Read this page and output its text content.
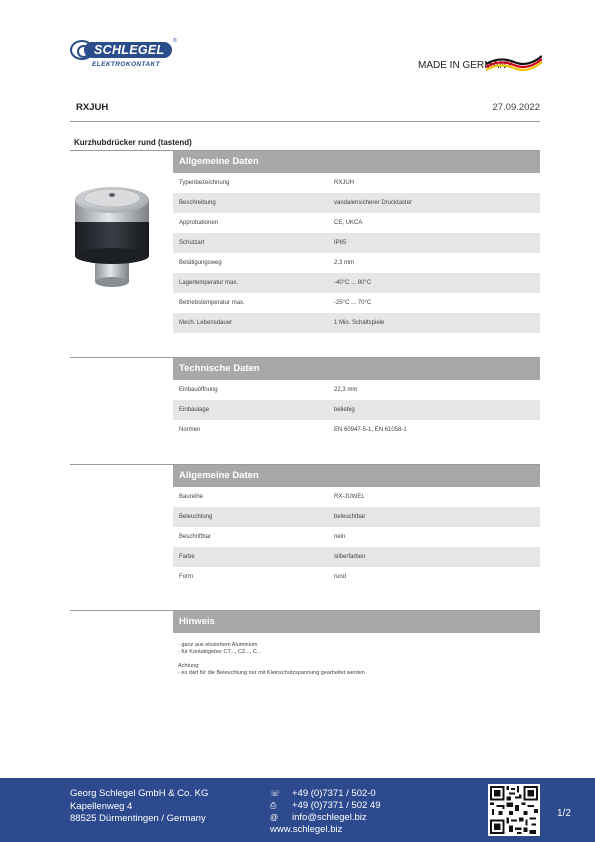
SCHLEGEL
ELEKTROKONTAKT
®
MADE IN GERMANY
RXJUH	27.09.2022
Kurzhubdrücker rund (tastend)
Allgemeine Daten
Typenbezeichnung	RXJUH
Beschreibung	vandalensicherer Drucktaster
Approbationen	CE, UKCA
Schutzart	IP65
Betätigungsweg	2,3 mm
Lagertemperatur max.	-40°C ... 80°C
Betriebstemperatur max.	-25°C ... 70°C
Mech. Lebensdauer	1 Mio. Schaltspiele
Technische Daten
Einbauöffnung	22,3 mm
Einbaulage	beliebig
Normen	EN 60947-5-1, EN 61058-1
Allgemeine Daten
Baureihe	RX-JUWEL
Beleuchtung	beleuchtbar
Beschriftbar	nein
Farbe	silberfarben
Form	rund
Hinweis

- ganz aus eloxiertem Aluminium

- für Kontaktgeber CT..., CZ..., C...

Achtung:

- es darf für die Beleuchtung nur mit Kleinschutzspannung gearbeitet werden

Georg Schlegel GmbH & Co. KG
Kapellenweg 4
88525 Dürmentingen / Germany
☏	+49 (0)7371 / 502-0
⎙	+49 (0)7371 / 502 49
@	info@schlegel.biz
www.schlegel.biz
1/2
